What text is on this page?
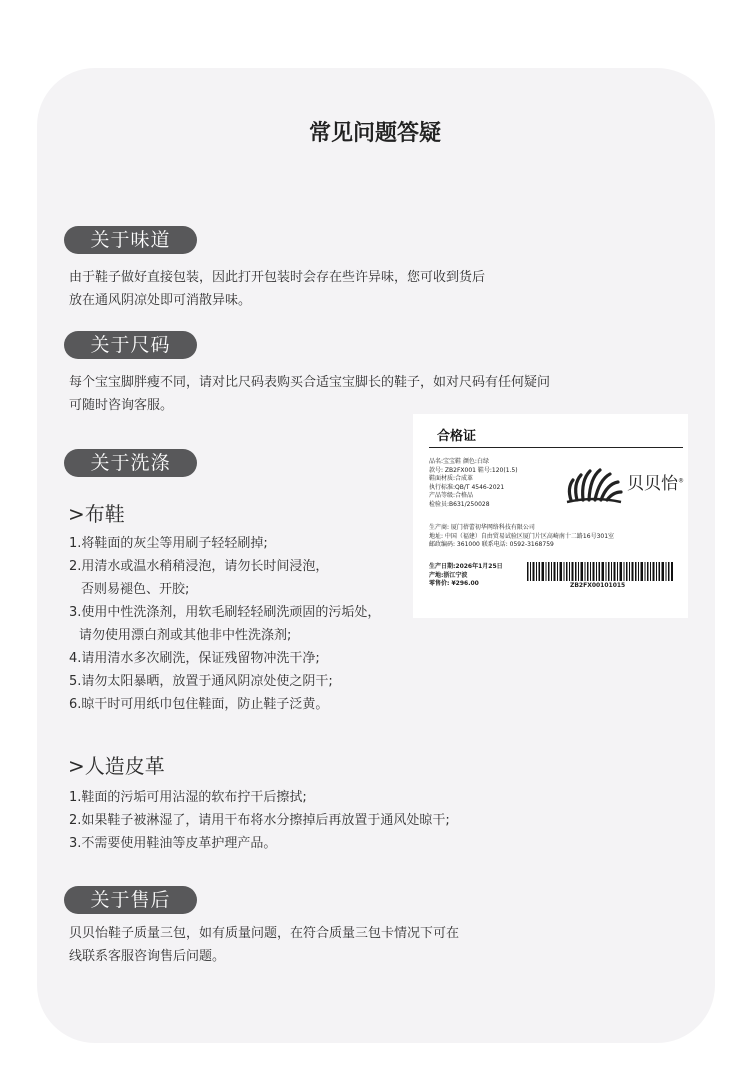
常见问题答疑
关于味道
由于鞋子做好直接包装，因此打开包装时会存在些许异味，您可收到货后
放在通风阴凉处即可消散异味。
关于尺码
每个宝宝脚胖瘦不同，请对比尺码表购买合适宝宝脚长的鞋子，如对尺码有任何疑问
可随时咨询客服。
关于洗涤
>布鞋
1.将鞋面的灰尘等用刷子轻轻刷掉;
2.用清水或温水稍稍浸泡，请勿长时间浸泡，
否则易褪色、开胶;
3.使用中性洗涤剂，用软毛刷轻轻刷洗顽固的污垢处，
请勿使用漂白剂或其他非中性洗涤剂;
4.请用清水多次刷洗，保证残留物冲洗干净;
5.请勿太阳暴晒，放置于通风阴凉处使之阴干;
6.晾干时可用纸巾包住鞋面，防止鞋子泛黄。
>人造皮革
1.鞋面的污垢可用沾湿的软布拧干后擦拭;
2.如果鞋子被淋湿了，请用干布将水分擦掉后再放置于通风处晾干;
3.不需要使用鞋油等皮革护理产品。
关于售后
贝贝怡鞋子质量三包，如有质量问题，在符合质量三包卡情况下可在
线联系客服咨询售后问题。
合格证
品名:宝宝鞋 颜色:白绿
款号: ZB2FX001 鞋号:120(1.5)
鞋面材质:合成革
执行标准:QB/T 4546-2021
产品等级:合格品
检验员:B631/250028
贝贝怡®
生产商: 厦门蓓蕾初华网络科技有限公司
地址: 中国（福建）自由贸易试验区厦门片区高崎南十二路16号301室
邮政编码: 361000 联系电话: 0592-3168759
生产日期:2026年1月25日
产地:浙江宁波
零售价: ¥296.00	ZB2FX00101015
